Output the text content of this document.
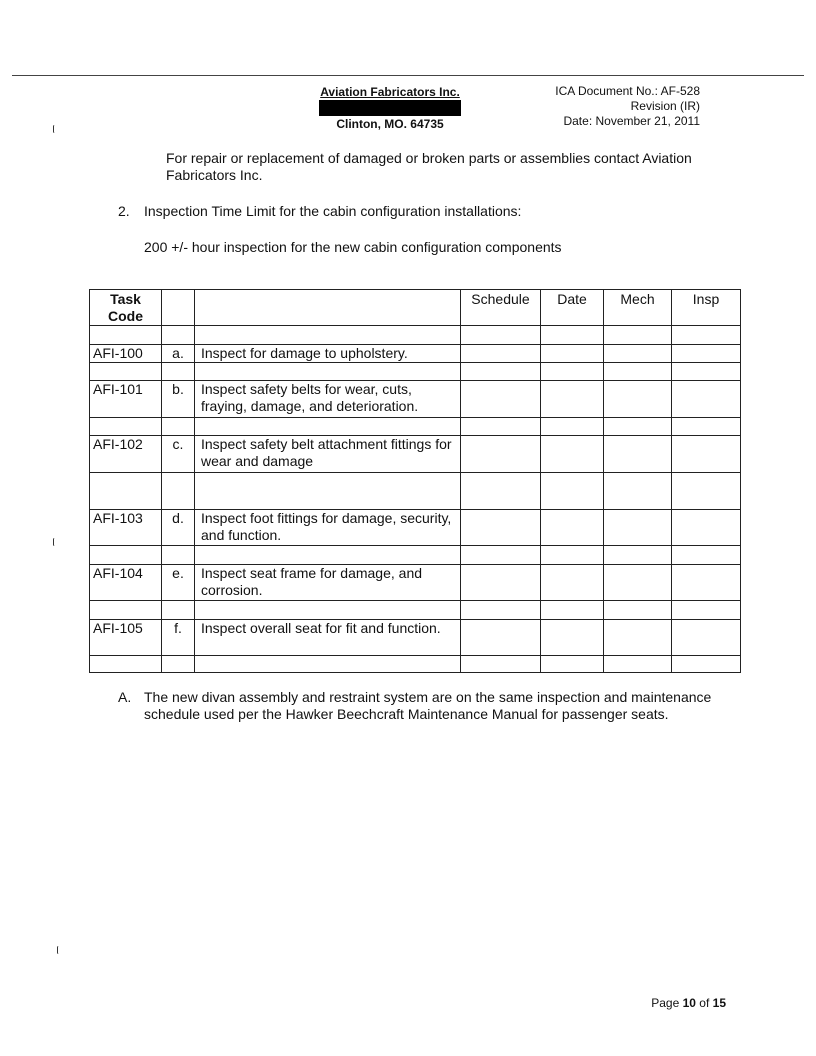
Aviation Fabricators Inc.
Clinton, MO. 64735
ICA Document No.: AF-528
Revision (IR)
Date: November 21, 2011
For repair or replacement of damaged or broken parts or assemblies contact Aviation Fabricators Inc.
2. Inspection Time Limit for the cabin configuration installations:
200 +/- hour inspection for the new cabin configuration components
Task Code			Schedule	Date	Mech	Insp

AFI-100	a.	Inspect for damage to upholstery.				

AFI-101	b.	Inspect safety belts for wear, cuts, fraying, damage, and deterioration.				

AFI-102	c.	Inspect safety belt attachment fittings for wear and damage				

AFI-103	d.	Inspect foot fittings for damage, security, and function.				

AFI-104	e.	Inspect seat frame for damage, and corrosion.				

AFI-105	f.	Inspect overall seat for fit and function.				

A. The new divan assembly and restraint system are on the same inspection and maintenance schedule used per the Hawker Beechcraft Maintenance Manual for passenger seats.
Page 10 of 15
